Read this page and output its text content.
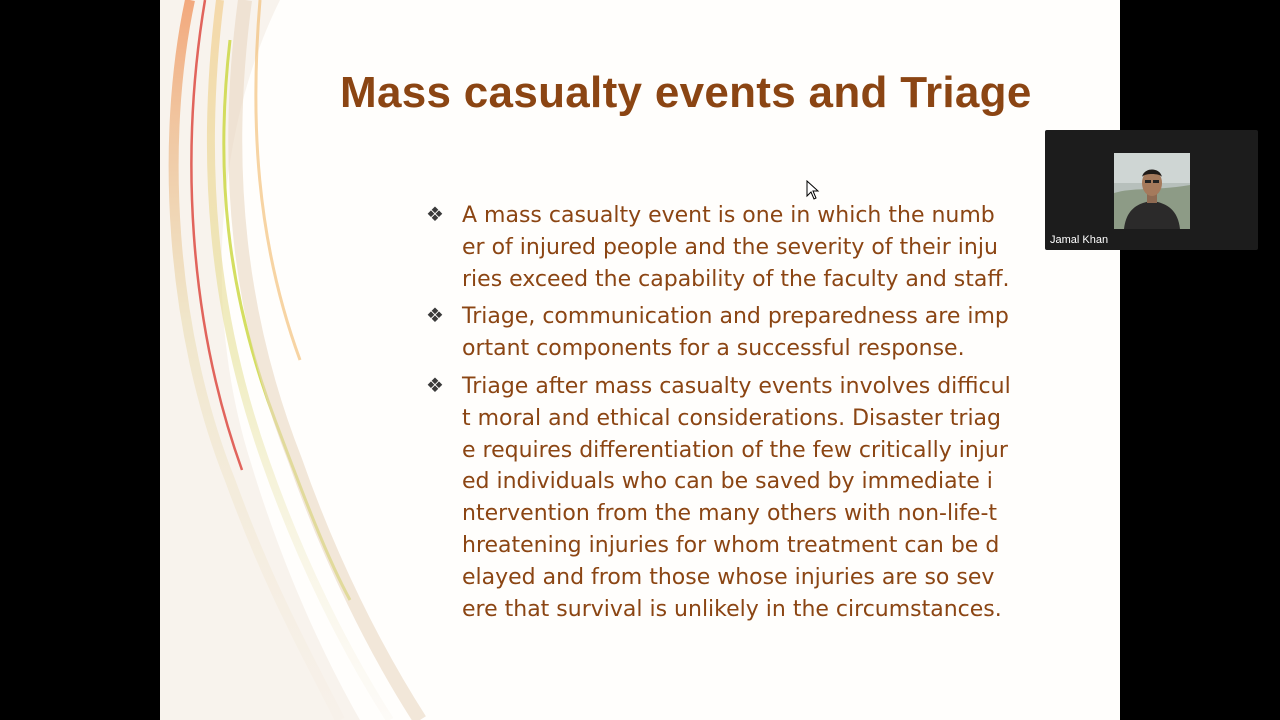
Mass casualty events and Triage
❖ A mass casualty event is one in which the numb
er of injured people and the severity of their inju
ries exceed the capability of the faculty and staff.
❖ Triage, communication and preparedness are imp
ortant components for a successful response.
❖ Triage after mass casualty events involves difficul
t moral and ethical considerations. Disaster triag
e requires differentiation of the few critically injur
ed individuals who can be saved by immediate i
ntervention from the many others with non-life-t
hreatening injuries for whom treatment can be d
elayed and from those whose injuries are so sev
ere that survival is unlikely in the circumstances.
Jamal Khan
